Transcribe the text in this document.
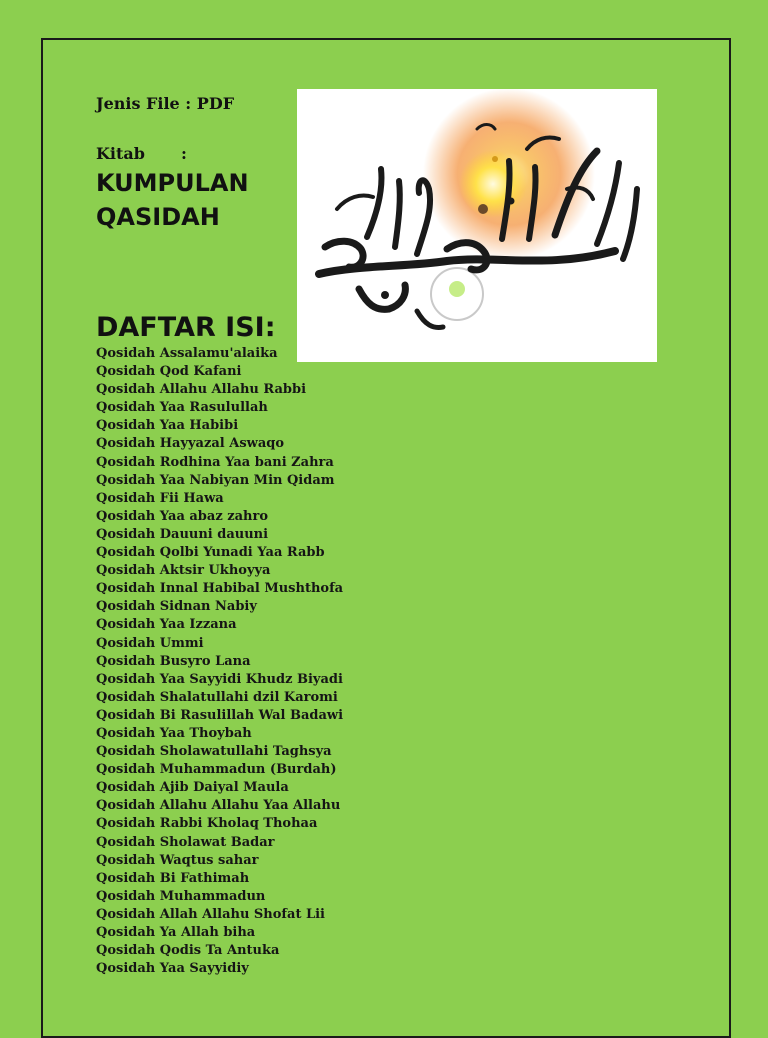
Jenis File : PDF
Kitab :
KUMPULAN
QASIDAH
DAFTAR ISI:
Qosidah Assalamu'alaika
Qosidah Qod Kafani
Qosidah Allahu Allahu Rabbi
Qosidah Yaa Rasulullah
Qosidah Yaa Habibi
Qosidah Hayyazal Aswaqo
Qosidah Rodhina Yaa bani Zahra
Qosidah Yaa Nabiyan Min Qidam
Qosidah Fii Hawa
Qosidah Yaa abaz zahro
Qosidah Dauuni dauuni
Qosidah Qolbi Yunadi Yaa Rabb
Qosidah Aktsir Ukhoyya
Qosidah Innal Habibal Mushthofa
Qosidah Sidnan Nabiy
Qosidah Yaa Izzana
Qosidah Ummi
Qosidah Busyro Lana
Qosidah Yaa Sayyidi Khudz Biyadi
Qosidah Shalatullahi dzil Karomi
Qosidah Bi Rasulillah Wal Badawi
Qosidah Yaa Thoybah
Qosidah Sholawatullahi Taghsya
Qosidah Muhammadun (Burdah)
Qosidah Ajib Daiyal Maula
Qosidah Allahu Allahu Yaa Allahu
Qosidah Rabbi Kholaq Thohaa
Qosidah Sholawat Badar
Qosidah Waqtus sahar
Qosidah Bi Fathimah
Qosidah Muhammadun
Qosidah Allah Allahu Shofat Lii
Qosidah Ya Allah biha
Qosidah Qodis Ta Antuka
Qosidah Yaa Sayyidiy
